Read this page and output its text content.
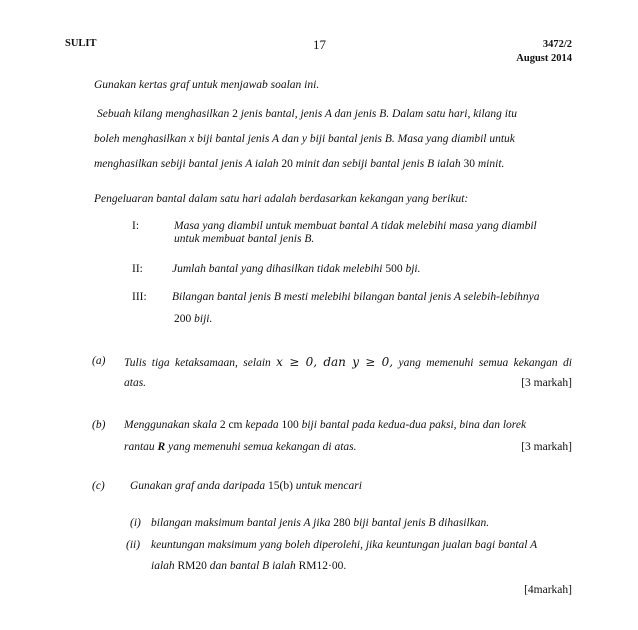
SULIT	17	3472/2
August 2014
Gunakan kertas graf untuk menjawab soalan ini.
Sebuah kilang menghasilkan 2 jenis bantal, jenis A dan jenis B. Dalam satu hari, kilang itu
boleh menghasilkan x biji bantal jenis A dan y biji bantal jenis B. Masa yang diambil untuk
menghasilkan sebiji bantal jenis A ialah 20 minit dan sebiji bantal jenis B ialah 30 minit.
Pengeluaran bantal dalam satu hari adalah berdasarkan kekangan yang berikut:
I:	Masa yang diambil untuk membuat bantal A tidak melebihi masa yang diambil
untuk membuat bantal jenis B.
II:	Jumlah bantal yang dihasilkan tidak melebihi 500 bji.
III: Bilangan bantal jenis B mesti melebihi bilangan bantal jenis A selebih-lebihnya
200 biji.
(a) Tulis tiga ketaksamaan, selain x ≥ 0, dan y ≥ 0, yang memenuhi semua kekangan di
atas.	[3 markah]
(b) Menggunakan skala 2 cm kepada 100 biji bantal pada kedua-dua paksi, bina dan lorek
rantau R yang memenuhi semua kekangan di atas.	[3 markah]
(c) Gunakan graf anda daripada 15(b) untuk mencari
(i) bilangan maksimum bantal jenis A jika 280 biji bantal jenis B dihasilkan.
(ii) keuntungan maksimum yang boleh diperolehi, jika keuntungan jualan bagi bantal A
ialah RM20 dan bantal B ialah RM12·00.
[4markah]
